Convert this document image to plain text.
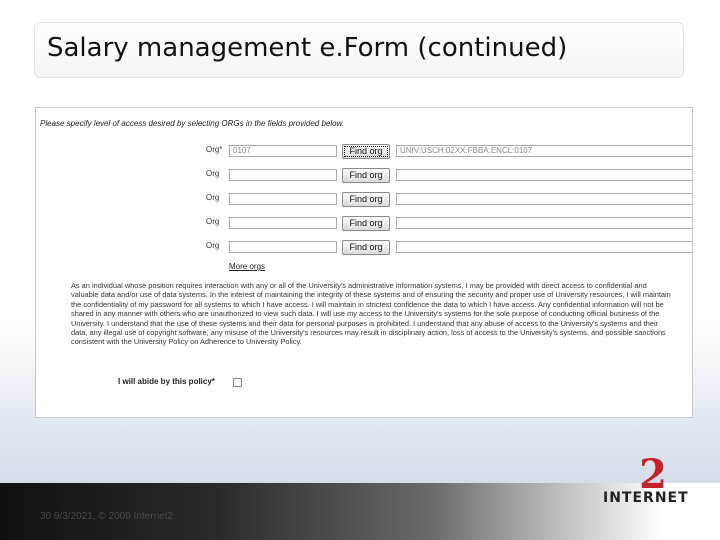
Salary management e.Form (continued)
Please specify level of access desired by selecting ORGs in the fields provided below.
Org*	0107	Find org	UNIV:USCH:02XX:FBBA:ENCL:0107
Org	Find org
Org	Find org
Org	Find org
Org	Find org
More orgs
As an individual whose position requires interaction with any or all of the University's administrative information systems, I may be provided with direct access to confidential and valuable data and/or use of data systems. In the interest of maintaining the integrity of these systems and of ensuring the security and proper use of University resources, I will maintain the confidentiality of my password for all systems to which I have access. I will maintain in strictest confidence the data to which I have access. Any confidential information will not be shared in any manner with others who are unauthorized to view such data. I will use my access to the University's systems for the sole purpose of conducting official business of the University. I understand that the use of these systems and their data for personal purposes is prohibited. I understand that any abuse of access to the University's systems and their data, any illegal use of copyright software, any misuse of the University's resources may result in disciplinary action, loss of access to the University's systems, and possible sanctions consistent with the University Policy on Adherence to University Policy.
I will abide by this policy*
30 9/3/2021, © 2009 Internet2
2
INTERNET
